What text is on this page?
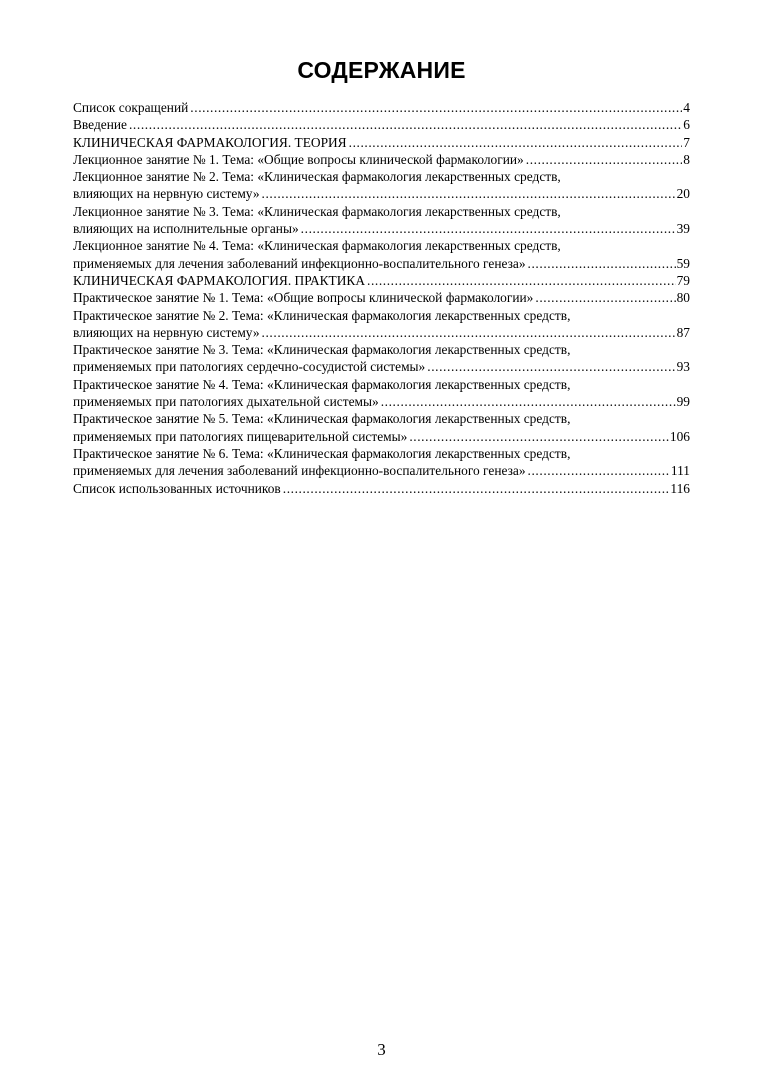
СОДЕРЖАНИЕ
Список сокращений .....	4
Введение .....	6
КЛИНИЧЕСКАЯ ФАРМАКОЛОГИЯ. ТЕОРИЯ .....	7
Лекционное занятие № 1. Тема: «Общие вопросы клинической фармакологии» .....	8
Лекционное занятие № 2. Тема: «Клиническая фармакология лекарственных средств,
влияющих на нервную систему» .....	20
Лекционное занятие № 3. Тема: «Клиническая фармакология лекарственных средств,
влияющих на исполнительные органы» .....	39
Лекционное занятие № 4. Тема: «Клиническая фармакология лекарственных средств,
применяемых для лечения заболеваний инфекционно-воспалительного генеза» .....	59
КЛИНИЧЕСКАЯ ФАРМАКОЛОГИЯ. ПРАКТИКА .....	79
Практическое занятие № 1. Тема: «Общие вопросы клинической фармакологии» .....	80
Практическое занятие № 2. Тема: «Клиническая фармакология лекарственных средств,
влияющих на нервную систему» .....	87
Практическое занятие № 3. Тема: «Клиническая фармакология лекарственных средств,
применяемых при патологиях сердечно-сосудистой системы» .....	93
Практическое занятие № 4. Тема: «Клиническая фармакология лекарственных средств,
применяемых при патологиях дыхательной системы» .....	99
Практическое занятие № 5. Тема: «Клиническая фармакология лекарственных средств,
применяемых при патологиях пищеварительной системы» .....	106
Практическое занятие № 6. Тема: «Клиническая фармакология лекарственных средств,
применяемых для лечения заболеваний инфекционно-воспалительного генеза» .....	111
Список использованных источников .....	116
3
